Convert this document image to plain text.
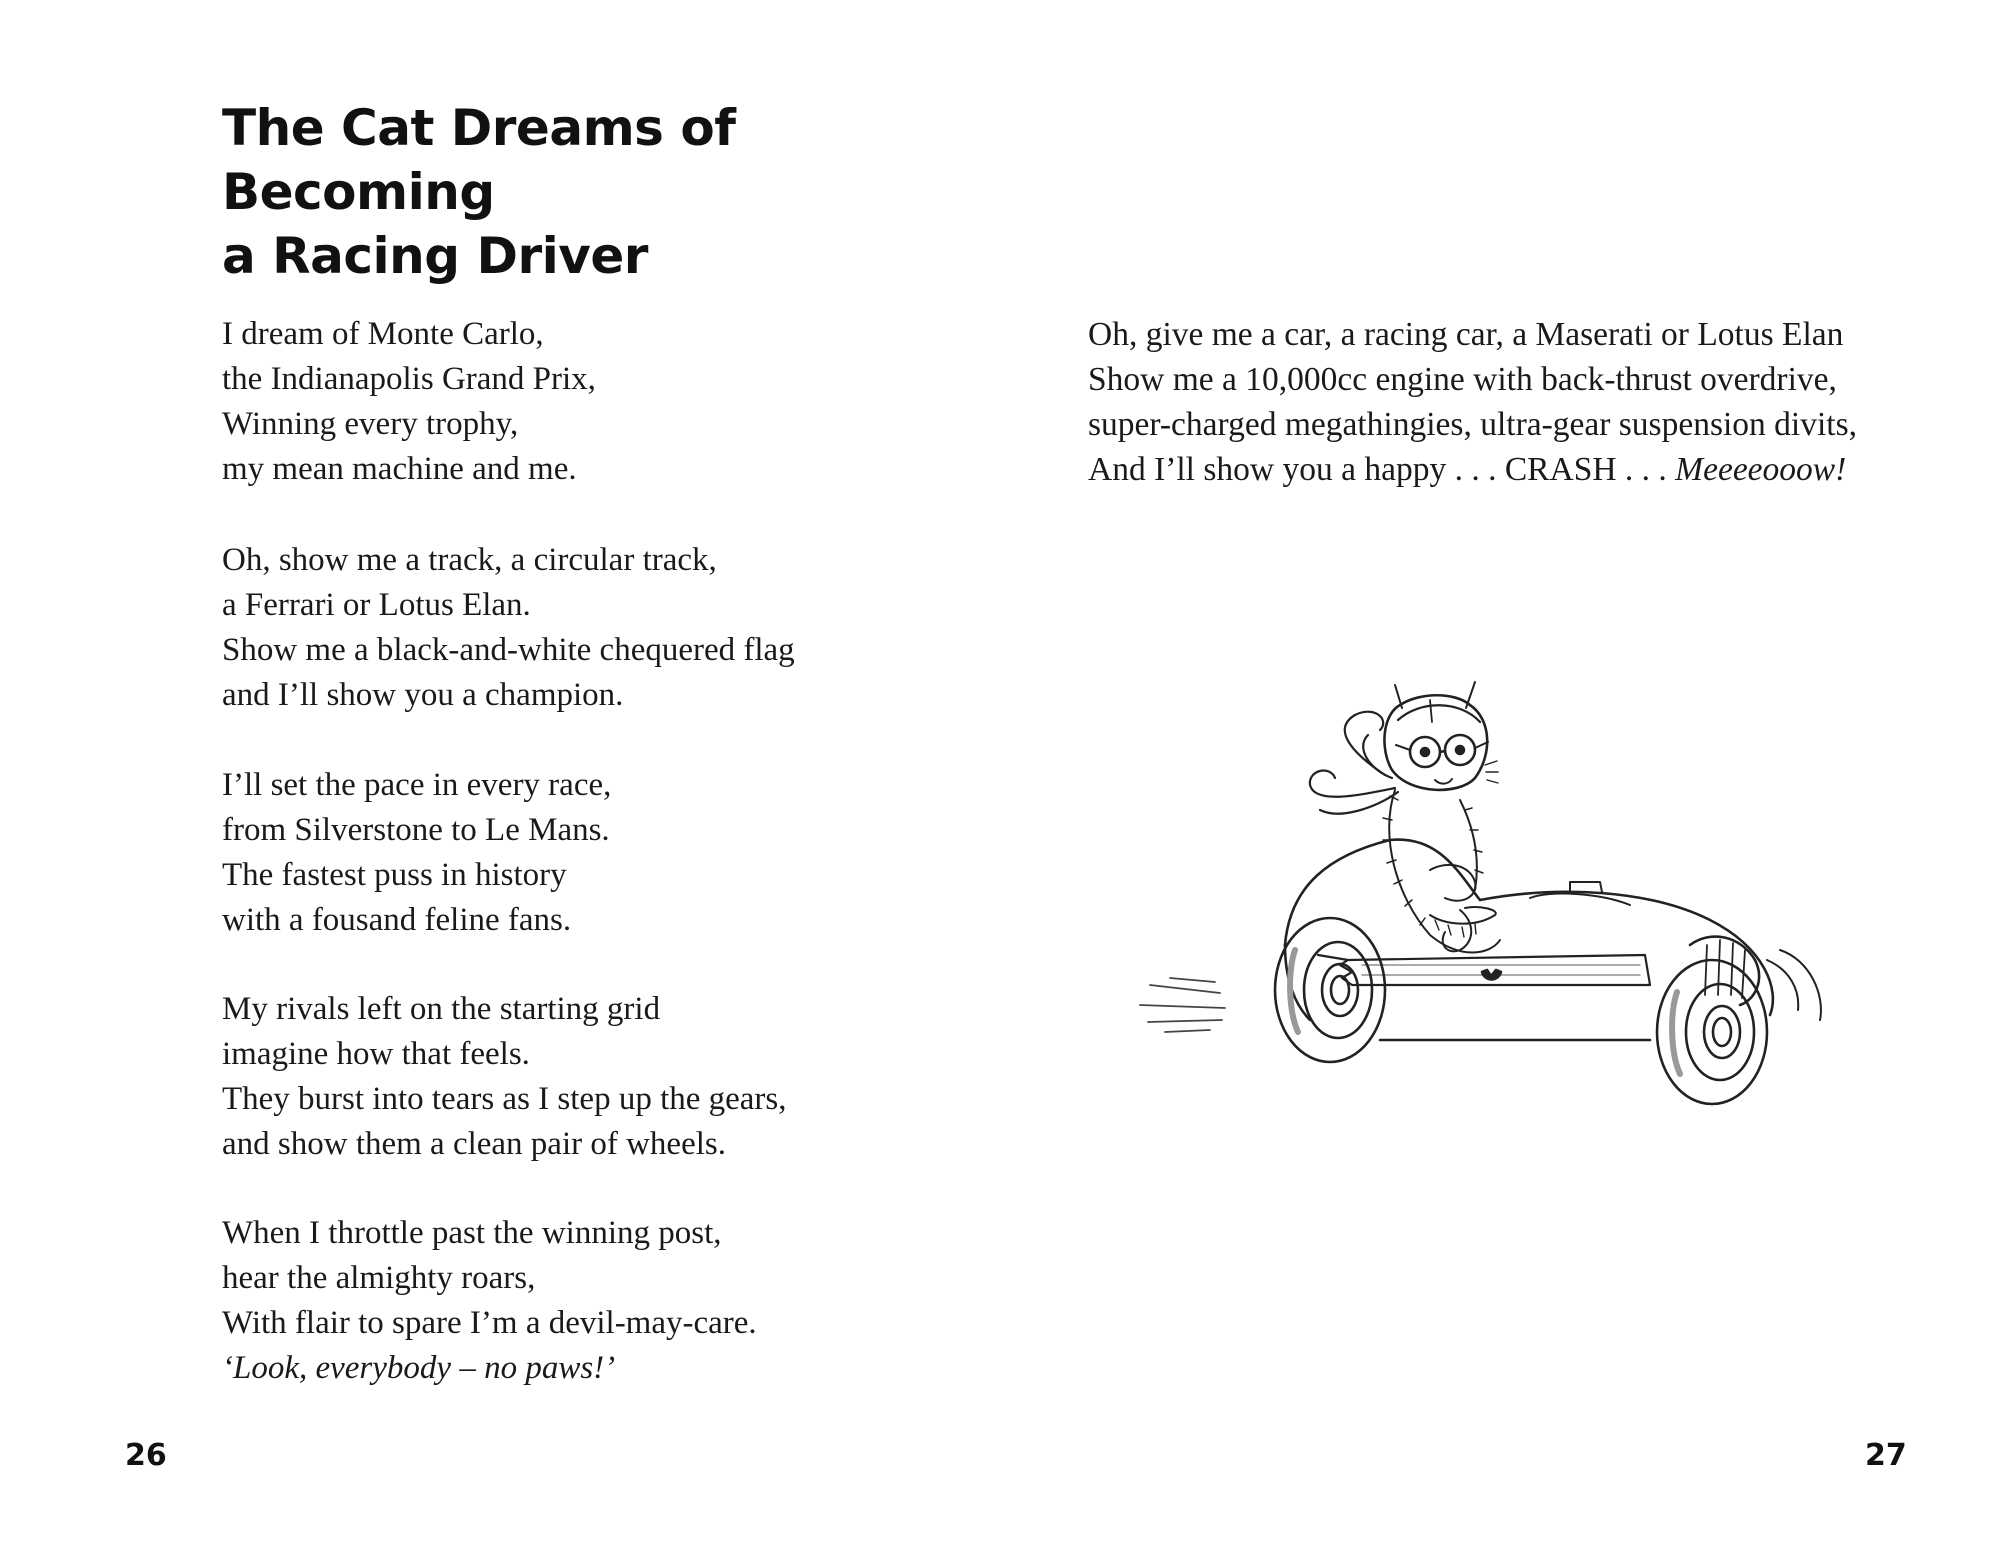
The Cat Dreams of Becoming
a Racing Driver
I dream of Monte Carlo,
the Indianapolis Grand Prix,
Winning every trophy,
my mean machine and me.
Oh, show me a track, a circular track,
a Ferrari or Lotus Elan.
Show me a black-and-white chequered flag
and I’ll show you a champion.
I’ll set the pace in every race,
from Silverstone to Le Mans.
The fastest puss in history
with a fousand feline fans.
My rivals left on the starting grid
imagine how that feels.
They burst into tears as I step up the gears,
and show them a clean pair of wheels.
When I throttle past the winning post,
hear the almighty roars,
With flair to spare I’m a devil-may-care.
‘Look, everybody – no paws!’
26
Oh, give me a car, a racing car, a Maserati or Lotus Elan
Show me a 10,000cc engine with back-thrust overdrive,
super-charged megathingies, ultra-gear suspension divits,
And I’ll show you a happy . . . CRASH . . . Meeeeooow!
27
